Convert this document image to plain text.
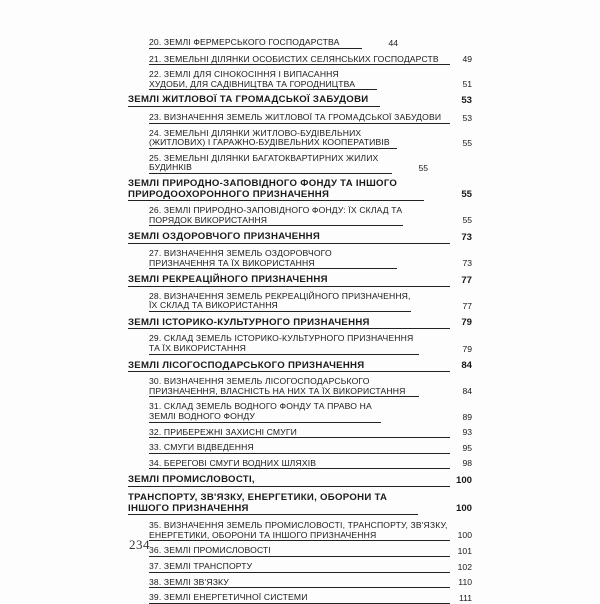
20. ЗЕМЛІ ФЕРМЕРСЬКОГО ГОСПОДАРСТВА	44
21. ЗЕМЕЛЬНІ ДІЛЯНКИ ОСОБИСТИХ СЕЛЯНСЬКИХ ГОСПОДАРСТВ	49
22. ЗЕМЛІ ДЛЯ СІНОКОСІННЯ І ВИПАСАННЯ ХУДОБИ, ДЛЯ САДІВНИЦТВА ТА ГОРОДНИЦТВА	51
ЗЕМЛІ ЖИТЛОВОЇ ТА ГРОМАДСЬКОЇ ЗАБУДОВИ	53
23. ВИЗНАЧЕННЯ ЗЕМЕЛЬ ЖИТЛОВОЇ ТА ГРОМАДСЬКОЇ ЗАБУДОВИ	53
24. ЗЕМЕЛЬНІ ДІЛЯНКИ ЖИТЛОВО-БУДІВЕЛЬНИХ (ЖИТЛОВИХ) І ГАРАЖНО-БУДІВЕЛЬНИХ КООПЕРАТИВІВ	55
25. ЗЕМЕЛЬНІ ДІЛЯНКИ БАГАТОКВАРТИРНИХ ЖИЛИХ БУДИНКІВ	55
ЗЕМЛІ ПРИРОДНО-ЗАПОВІДНОГО ФОНДУ ТА ІНШОГО ПРИРОДООХОРОННОГО ПРИЗНАЧЕННЯ	55
26. ЗЕМЛІ ПРИРОДНО-ЗАПОВІДНОГО ФОНДУ: ЇХ СКЛАД ТА ПОРЯДОК ВИКОРИСТАННЯ	55
ЗЕМЛІ ОЗДОРОВЧОГО ПРИЗНАЧЕННЯ	73
27. ВИЗНАЧЕННЯ ЗЕМЕЛЬ ОЗДОРОВЧОГО ПРИЗНАЧЕННЯ ТА ЇХ ВИКОРИСТАННЯ	73
ЗЕМЛІ РЕКРЕАЦІЙНОГО ПРИЗНАЧЕННЯ	77
28. ВИЗНАЧЕННЯ ЗЕМЕЛЬ РЕКРЕАЦІЙНОГО ПРИЗНАЧЕННЯ, ЇХ СКЛАД ТА ВИКОРИСТАННЯ	77
ЗЕМЛІ ІСТОРИКО-КУЛЬТУРНОГО ПРИЗНАЧЕННЯ	79
29. СКЛАД ЗЕМЕЛЬ ІСТОРИКО-КУЛЬТУРНОГО ПРИЗНАЧЕННЯ ТА ЇХ ВИКОРИСТАННЯ	79
ЗЕМЛІ ЛІСОГОСПОДАРСЬКОГО ПРИЗНАЧЕННЯ	84
30. ВИЗНАЧЕННЯ ЗЕМЕЛЬ ЛІСОГОСПОДАРСЬКОГО ПРИЗНАЧЕННЯ, ВЛАСНІСТЬ НА НИХ ТА ЇХ ВИКОРИСТАННЯ	84
31. СКЛАД ЗЕМЕЛЬ ВОДНОГО ФОНДУ ТА ПРАВО НА ЗЕМЛІ ВОДНОГО ФОНДУ	89
32. ПРИБЕРЕЖНІ ЗАХИСНІ СМУГИ	93
33. СМУГИ ВІДВЕДЕННЯ	95
34. БЕРЕГОВІ СМУГИ ВОДНИХ ШЛЯХІВ	98
ЗЕМЛІ ПРОМИСЛОВОСТІ,	100
ТРАНСПОРТУ, ЗВ'ЯЗКУ, ЕНЕРГЕТИКИ, ОБОРОНИ ТА ІНШОГО ПРИЗНАЧЕННЯ	100
35. ВИЗНАЧЕННЯ ЗЕМЕЛЬ ПРОМИСЛОВОСТІ, ТРАНСПОРТУ, ЗВ'ЯЗКУ, ЕНЕРГЕТИКИ, ОБОРОНИ ТА ІНШОГО ПРИЗНАЧЕННЯ	100
36. ЗЕМЛІ ПРОМИСЛОВОСТІ	101
37. ЗЕМЛІ ТРАНСПОРТУ	102
38. ЗЕМЛІ ЗВ'ЯЗКУ	110
39. ЗЕМЛІ ЕНЕРГЕТИЧНОЇ СИСТЕМИ	111
234
